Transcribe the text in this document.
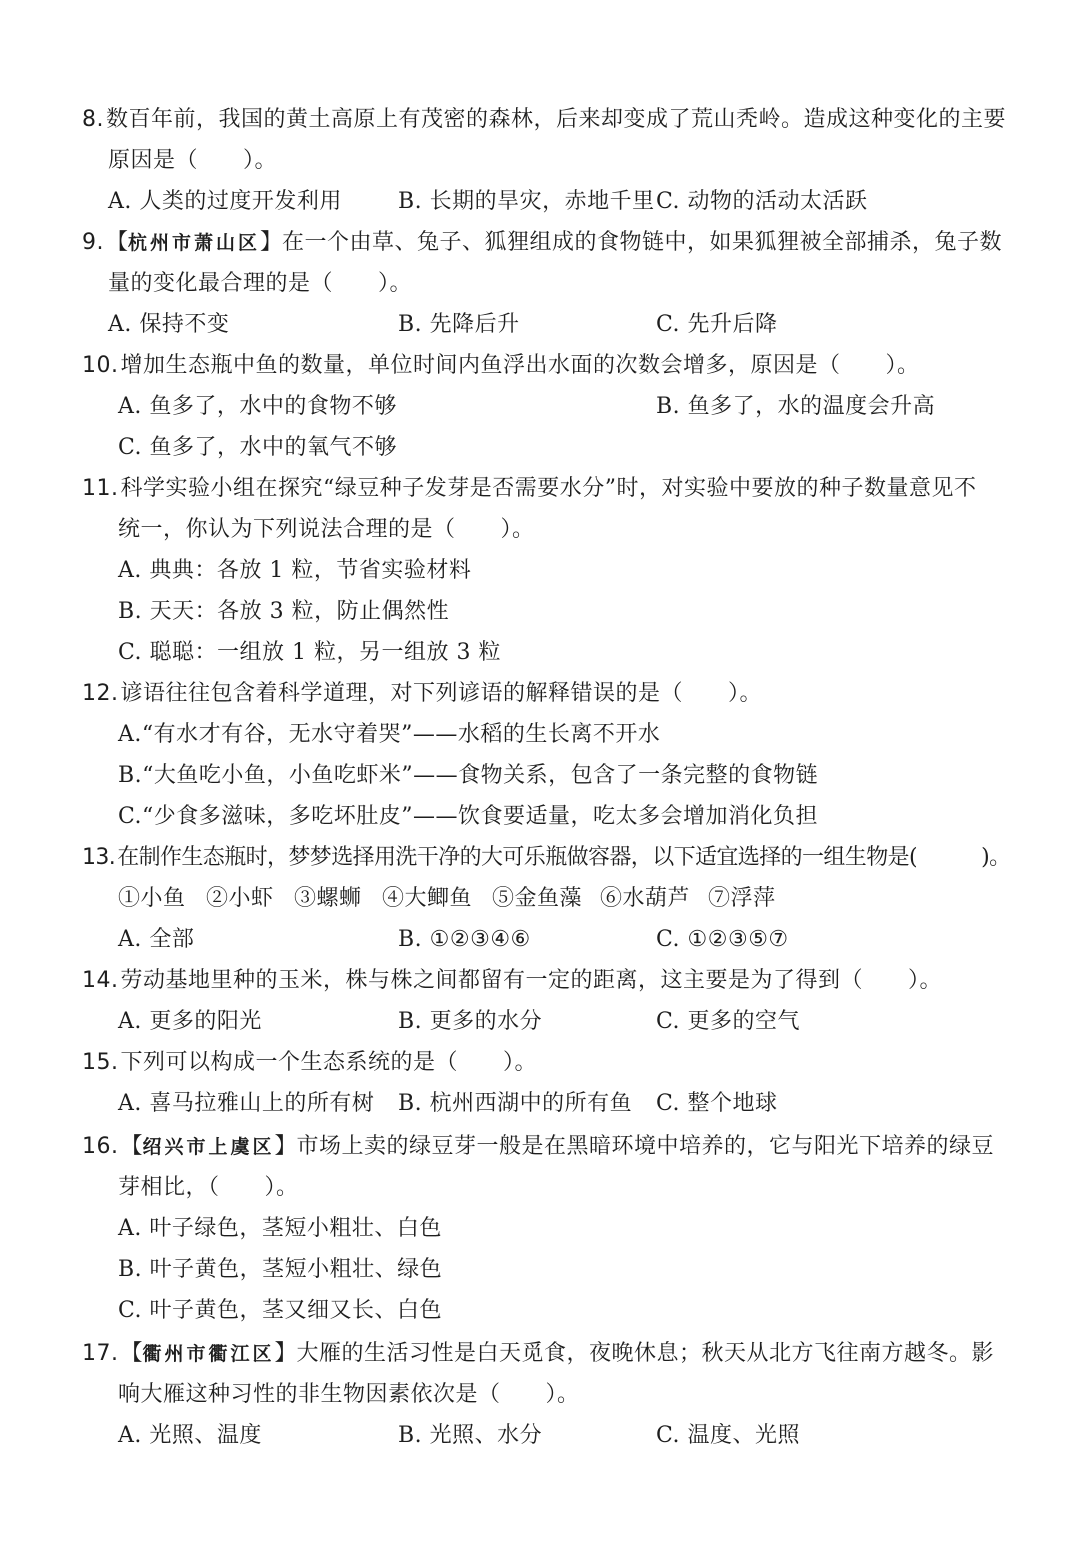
8.数百年前，我国的黄土高原上有茂密的森林，后来却变成了荒山秃岭。造成这种变化的主要
原因是（　　）。
A. 人类的过度开发利用	B. 长期的旱灾，赤地千里 C. 动物的活动太活跃
9.【杭州市萧山区】在一个由草、兔子、狐狸组成的食物链中，如果狐狸被全部捕杀，兔子数
量的变化最合理的是（　　）。
A. 保持不变	B. 先降后升	C. 先升后降
10.增加生态瓶中鱼的数量，单位时间内鱼浮出水面的次数会增多，原因是（　　）。
A. 鱼多了，水中的食物不够	B. 鱼多了，水的温度会升高
C. 鱼多了，水中的氧气不够
11.科学实验小组在探究“绿豆种子发芽是否需要水分”时，对实验中要放的种子数量意见不
统一，你认为下列说法合理的是（　　）。
A. 典典：各放 1 粒，节省实验材料
B. 天天：各放 3 粒，防止偶然性
C. 聪聪：一组放 1 粒，另一组放 3 粒
12.谚语往往包含着科学道理，对下列谚语的解释错误的是（　　）。
A.“有水才有谷，无水守着哭”——水稻的生长离不开水
B.“大鱼吃小鱼，小鱼吃虾米”——食物关系，包含了一条完整的食物链
C.“少食多滋味，多吃坏肚皮”——饮食要适量，吃太多会增加消化负担
13.在制作生态瓶时，梦梦选择用洗干净的大可乐瓶做容器，以下适宜选择的一组生物是(　　　)。
①小鱼 ②小虾 ③螺蛳 ④大鲫鱼 ⑤金鱼藻 ⑥水葫芦 ⑦浮萍
A. 全部	B. ①②③④⑥	C. ①②③⑤⑦
14.劳动基地里种的玉米，株与株之间都留有一定的距离，这主要是为了得到（　　）。
A. 更多的阳光	B. 更多的水分	C. 更多的空气
15.下列可以构成一个生态系统的是（　　）。
A. 喜马拉雅山上的所有树 B. 杭州西湖中的所有鱼 C. 整个地球
16.【绍兴市上虞区】市场上卖的绿豆芽一般是在黑暗环境中培养的，它与阳光下培养的绿豆
芽相比，（　　）。
A. 叶子绿色，茎短小粗壮、白色
B. 叶子黄色，茎短小粗壮、绿色
C. 叶子黄色，茎又细又长、白色
17.【衢州市衢江区】大雁的生活习性是白天觅食，夜晚休息；秋天从北方飞往南方越冬。影
响大雁这种习性的非生物因素依次是（　　）。
A. 光照、温度	B. 光照、水分	C. 温度、光照
